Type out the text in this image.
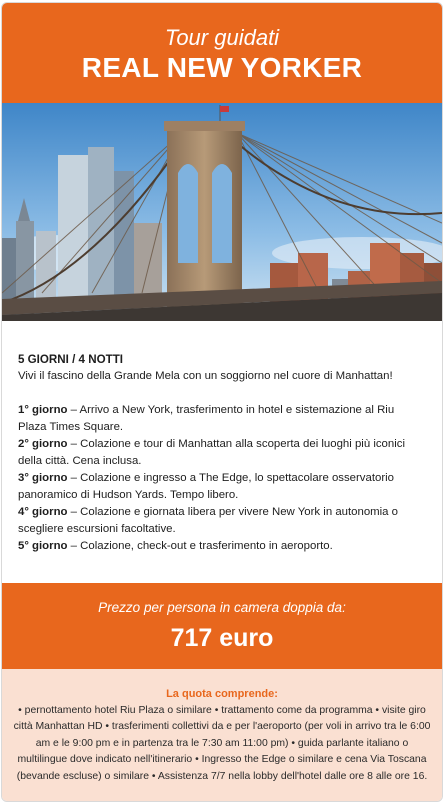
Tour guidati
REAL NEW YORKER

5 GIORNI / 4 NOTTI

Vivi il fascino della Grande Mela con un soggiorno nel cuore di Manhattan!

1° giorno – Arrivo a New York, trasferimento in hotel e sistemazione al Riu Plaza Times Square.

2° giorno – Colazione e tour di Manhattan alla scoperta dei luoghi più iconici della città. Cena inclusa.

3° giorno – Colazione e ingresso a The Edge, lo spettacolare osservatorio panoramico di Hudson Yards. Tempo libero.

4° giorno – Colazione e giornata libera per vivere New York in autonomia o scegliere escursioni facoltative.

5° giorno – Colazione, check-out e trasferimento in aeroporto.

Prezzo per persona in camera doppia da:
717 euro
La quota comprende:
• pernottamento hotel Riu Plaza o similare • trattamento come da programma • visite giro città Manhattan HD • trasferimenti collettivi da e per l'aeroporto (per voli in arrivo tra le 6:00 am e le 9:00 pm e in partenza tra le 7:30 am 11:00 pm) • guida parlante italiano o multilingue dove indicato nell'itinerario • Ingresso the Edge o similare e cena Via Toscana (bevande escluse) o similare • Assistenza 7/7 nella lobby dell'hotel dalle ore 8 alle ore 16.
